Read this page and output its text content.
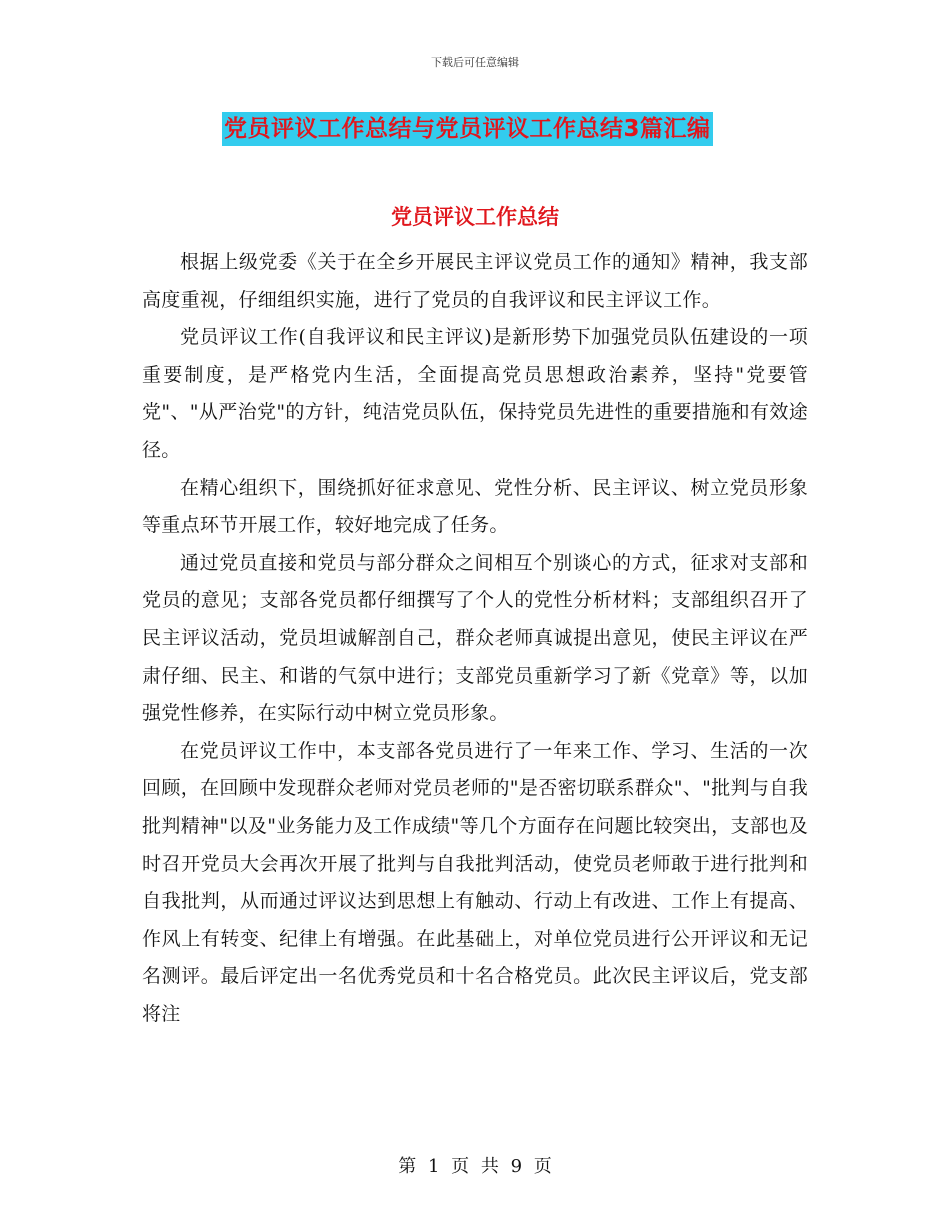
下载后可任意编辑
党员评议工作总结与党员评议工作总结3篇汇编
党员评议工作总结

根据上级党委《关于在全乡开展民主评议党员工作的通知》精神，我支部高度重视，仔细组织实施，进行了党员的自我评议和民主评议工作。

党员评议工作(自我评议和民主评议)是新形势下加强党员队伍建设的一项重要制度，是严格党内生活，全面提高党员思想政治素养，坚持"党要管党"、"从严治党"的方针，纯洁党员队伍，保持党员先进性的重要措施和有效途径。

在精心组织下，围绕抓好征求意见、党性分析、民主评议、树立党员形象等重点环节开展工作，较好地完成了任务。

通过党员直接和党员与部分群众之间相互个别谈心的方式，征求对支部和党员的意见；支部各党员都仔细撰写了个人的党性分析材料；支部组织召开了民主评议活动，党员坦诚解剖自己，群众老师真诚提出意见，使民主评议在严肃仔细、民主、和谐的气氛中进行；支部党员重新学习了新《党章》等，以加强党性修养，在实际行动中树立党员形象。

在党员评议工作中，本支部各党员进行了一年来工作、学习、生活的一次回顾，在回顾中发现群众老师对党员老师的"是否密切联系群众"、"批判与自我批判精神"以及"业务能力及工作成绩"等几个方面存在问题比较突出，支部也及时召开党员大会再次开展了批判与自我批判活动，使党员老师敢于进行批判和自我批判，从而通过评议达到思想上有触动、行动上有改进、工作上有提高、作风上有转变、纪律上有增强。在此基础上，对单位党员进行公开评议和无记名测评。最后评定出一名优秀党员和十名合格党员。此次民主评议后，党支部将注

第 1 页 共 9 页
